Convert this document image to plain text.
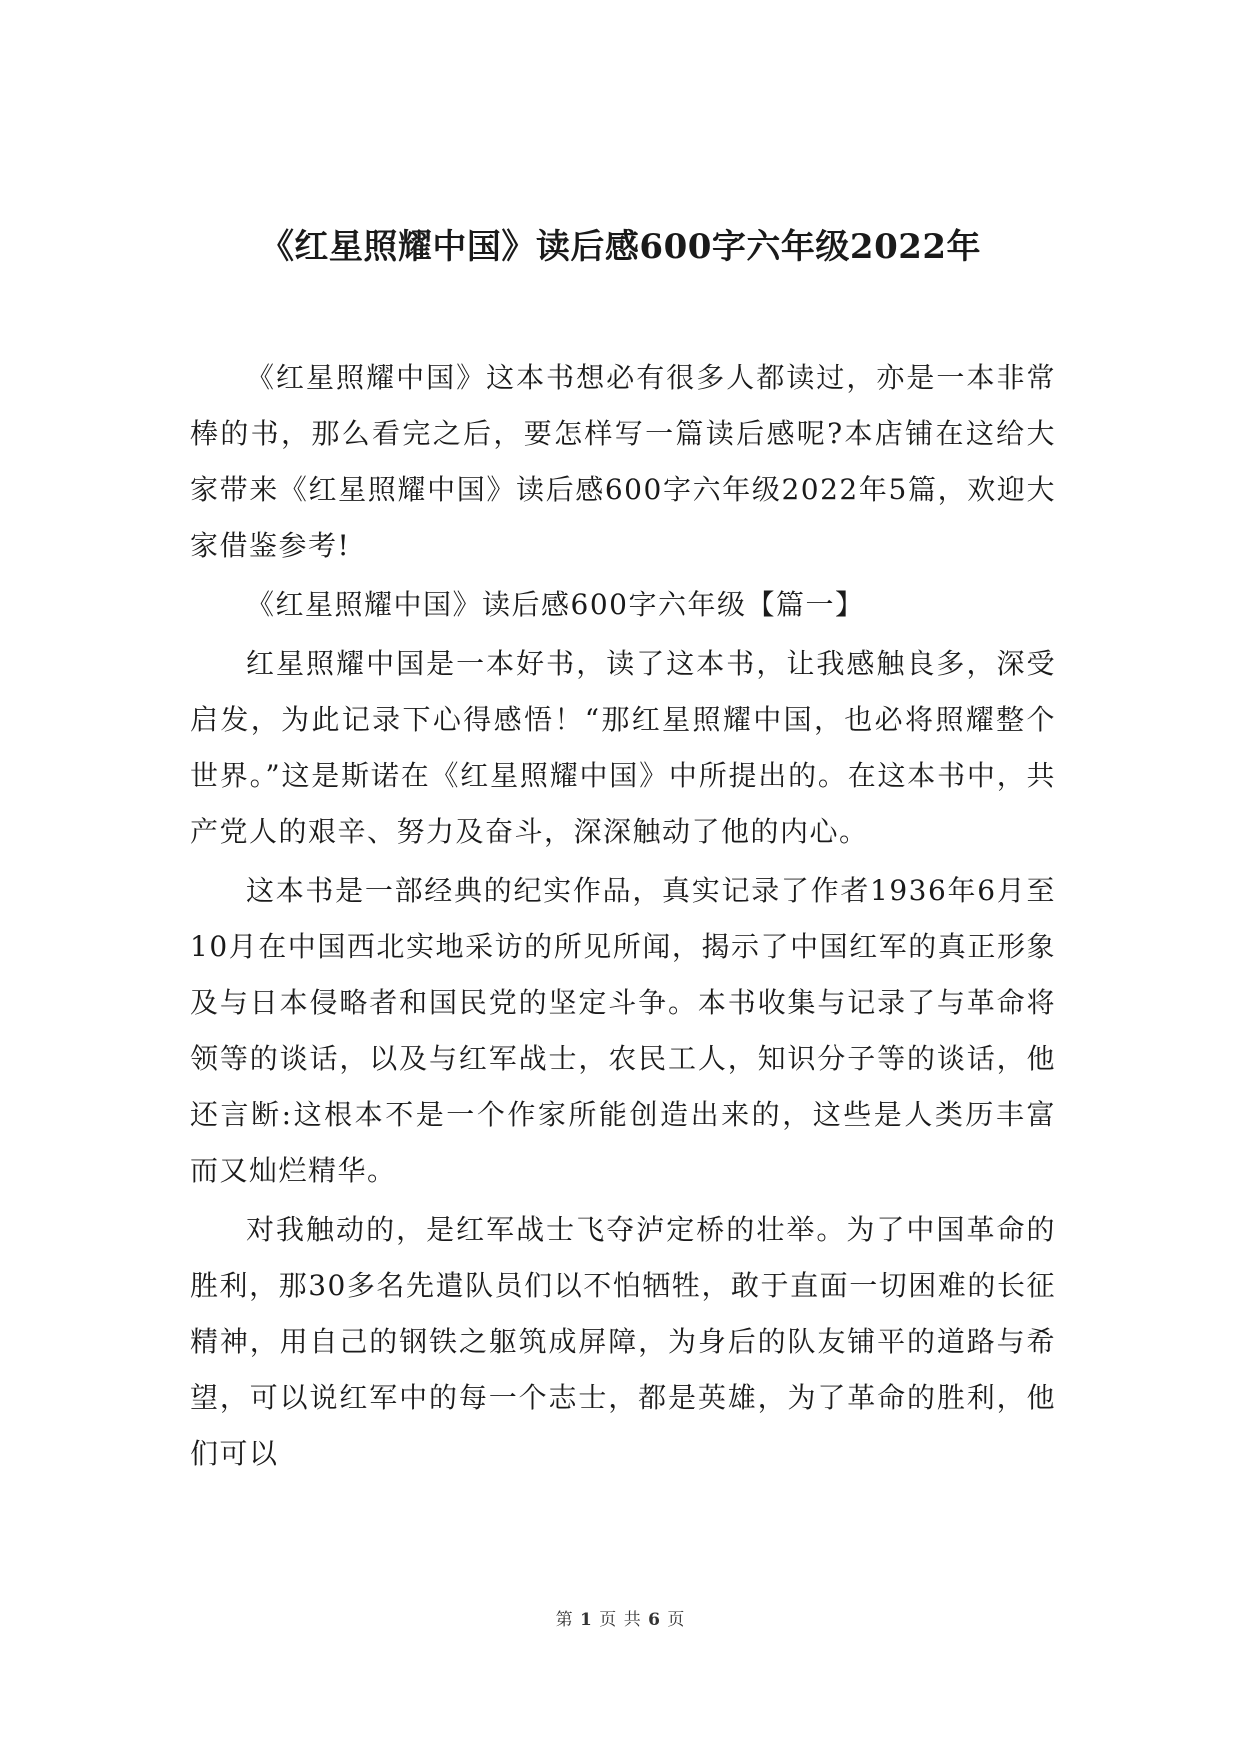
《红星照耀中国》读后感600字六年级2022年

《红星照耀中国》这本书想必有很多人都读过，亦是一本非常棒的书，那么看完之后，要怎样写一篇读后感呢?本店铺在这给大家带来《红星照耀中国》读后感600字六年级2022年5篇，欢迎大家借鉴参考!

《红星照耀中国》读后感600字六年级【篇一】

红星照耀中国是一本好书，读了这本书，让我感触良多，深受启发，为此记录下心得感悟！“那红星照耀中国，也必将照耀整个世界。”这是斯诺在《红星照耀中国》中所提出的。在这本书中，共产党人的艰辛、努力及奋斗，深深触动了他的内心。

这本书是一部经典的纪实作品，真实记录了作者1936年6月至10月在中国西北实地采访的所见所闻，揭示了中国红军的真正形象及与日本侵略者和国民党的坚定斗争。本书收集与记录了与革命将领等的谈话，以及与红军战士，农民工人，知识分子等的谈话，他还言断:这根本不是一个作家所能创造出来的，这些是人类历丰富而又灿烂精华。

对我触动的，是红军战士飞夺泸定桥的壮举。为了中国革命的胜利，那30多名先遣队员们以不怕牺牲，敢于直面一切困难的长征精神，用自己的钢铁之躯筑成屏障，为身后的队友铺平的道路与希望，可以说红军中的每一个志士，都是英雄，为了革命的胜利，他们可以

第 1 页 共 6 页
